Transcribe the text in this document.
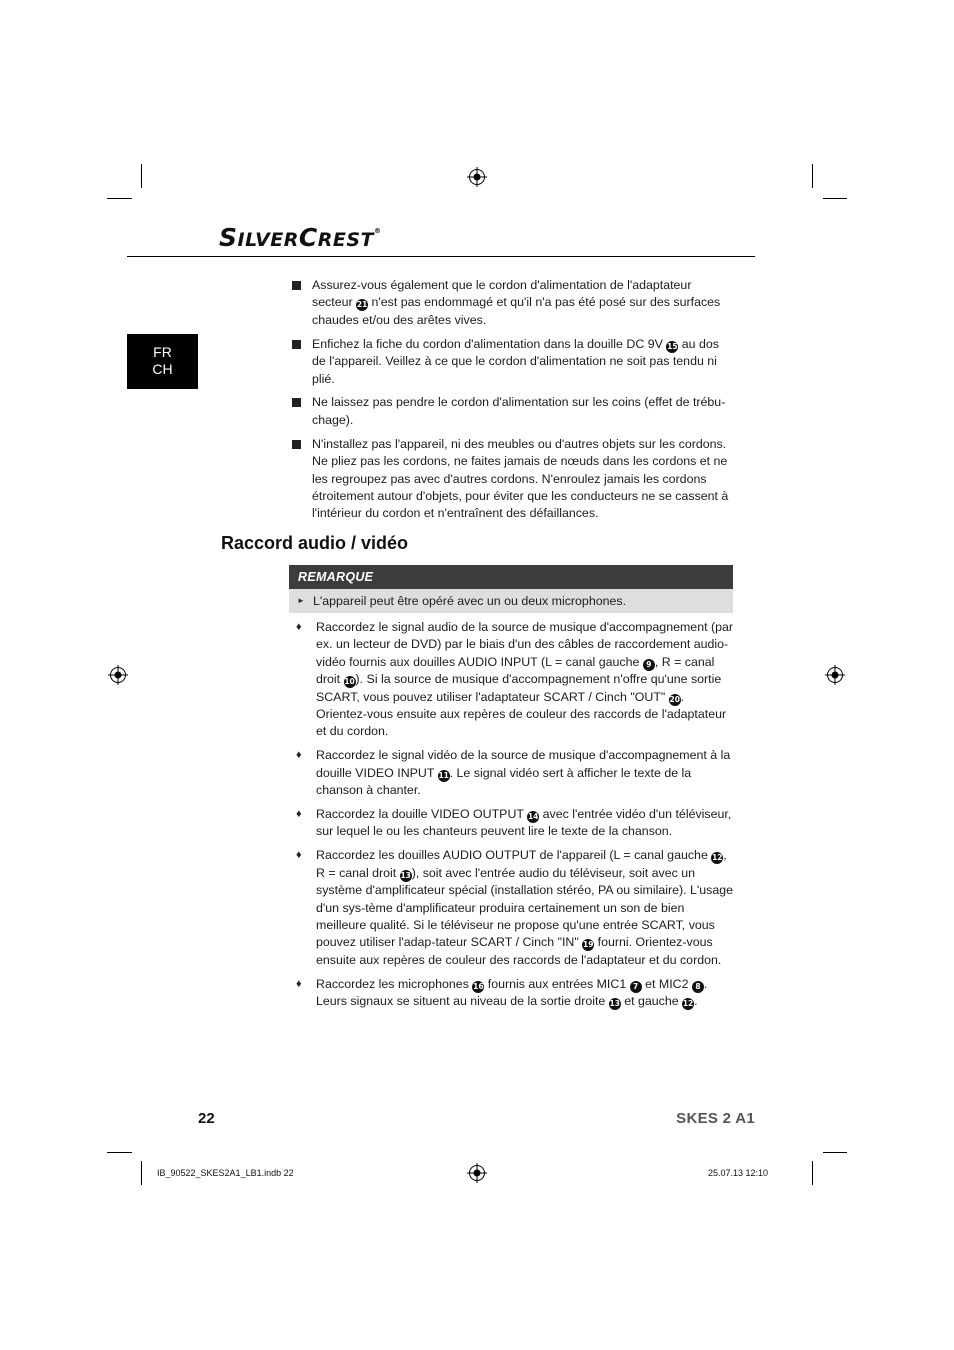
SILVERCREST®
FR
CH
Assurez-vous également que le cordon d'alimentation de l'adaptateur secteur 21 n'est pas endommagé et qu'il n'a pas été posé sur des surfaces chaudes et/ou des arêtes vives.
Enfichez la fiche du cordon d'alimentation dans la douille DC 9V 15 au dos de l'appareil. Veillez à ce que le cordon d'alimentation ne soit pas tendu ni plié.
Ne laissez pas pendre le cordon d'alimentation sur les coins (effet de trébu-chage).
N'installez pas l'appareil, ni des meubles ou d'autres objets sur les cordons. Ne pliez pas les cordons, ne faites jamais de nœuds dans les cordons et ne les regroupez pas avec d'autres cordons. N'enroulez jamais les cordons étroitement autour d'objets, pour éviter que les conducteurs ne se cassent à l'intérieur du cordon et n'entraînent des défaillances.
Raccord audio / vidéo
REMARQUE
► L'appareil peut être opéré avec un ou deux microphones.
♦ Raccordez le signal audio de la source de musique d'accompagnement (par ex. un lecteur de DVD) par le biais d'un des câbles de raccordement audio-vidéo fournis aux douilles AUDIO INPUT (L = canal gauche 9 , R = canal droit 10). Si la source de musique d'accompagnement n'offre qu'une sortie SCART, vous pouvez utiliser l'adaptateur SCART / Cinch "OUT" 20. Orientez-vous ensuite aux repères de couleur des raccords de l'adaptateur et du cordon.
♦ Raccordez le signal vidéo de la source de musique d'accompagnement à la douille VIDEO INPUT 11. Le signal vidéo sert à afficher le texte de la chanson à chanter.
♦ Raccordez la douille VIDEO OUTPUT 14 avec l'entrée vidéo d'un téléviseur, sur lequel le ou les chanteurs peuvent lire le texte de la chanson.
♦ Raccordez les douilles AUDIO OUTPUT de l'appareil (L = canal gauche 12, R = canal droit 13), soit avec l'entrée audio du téléviseur, soit avec un système d'amplificateur spécial (installation stéréo, PA ou similaire). L'usage d'un sys-tème d'amplificateur produira certainement un son de bien meilleure qualité. Si le téléviseur ne propose qu'une entrée SCART, vous pouvez utiliser l'adap-tateur SCART / Cinch "IN" 19 fourni. Orientez-vous ensuite aux repères de couleur des raccords de l'adaptateur et du cordon.
♦ Raccordez les microphones 16 fournis aux entrées MIC1 7 et MIC2 8 . Leurs signaux se situent au niveau de la sortie droite 13 et gauche 12.
22	SKES 2 A1
IB_90522_SKES2A1_LB1.indb 22	25.07.13 12:10
